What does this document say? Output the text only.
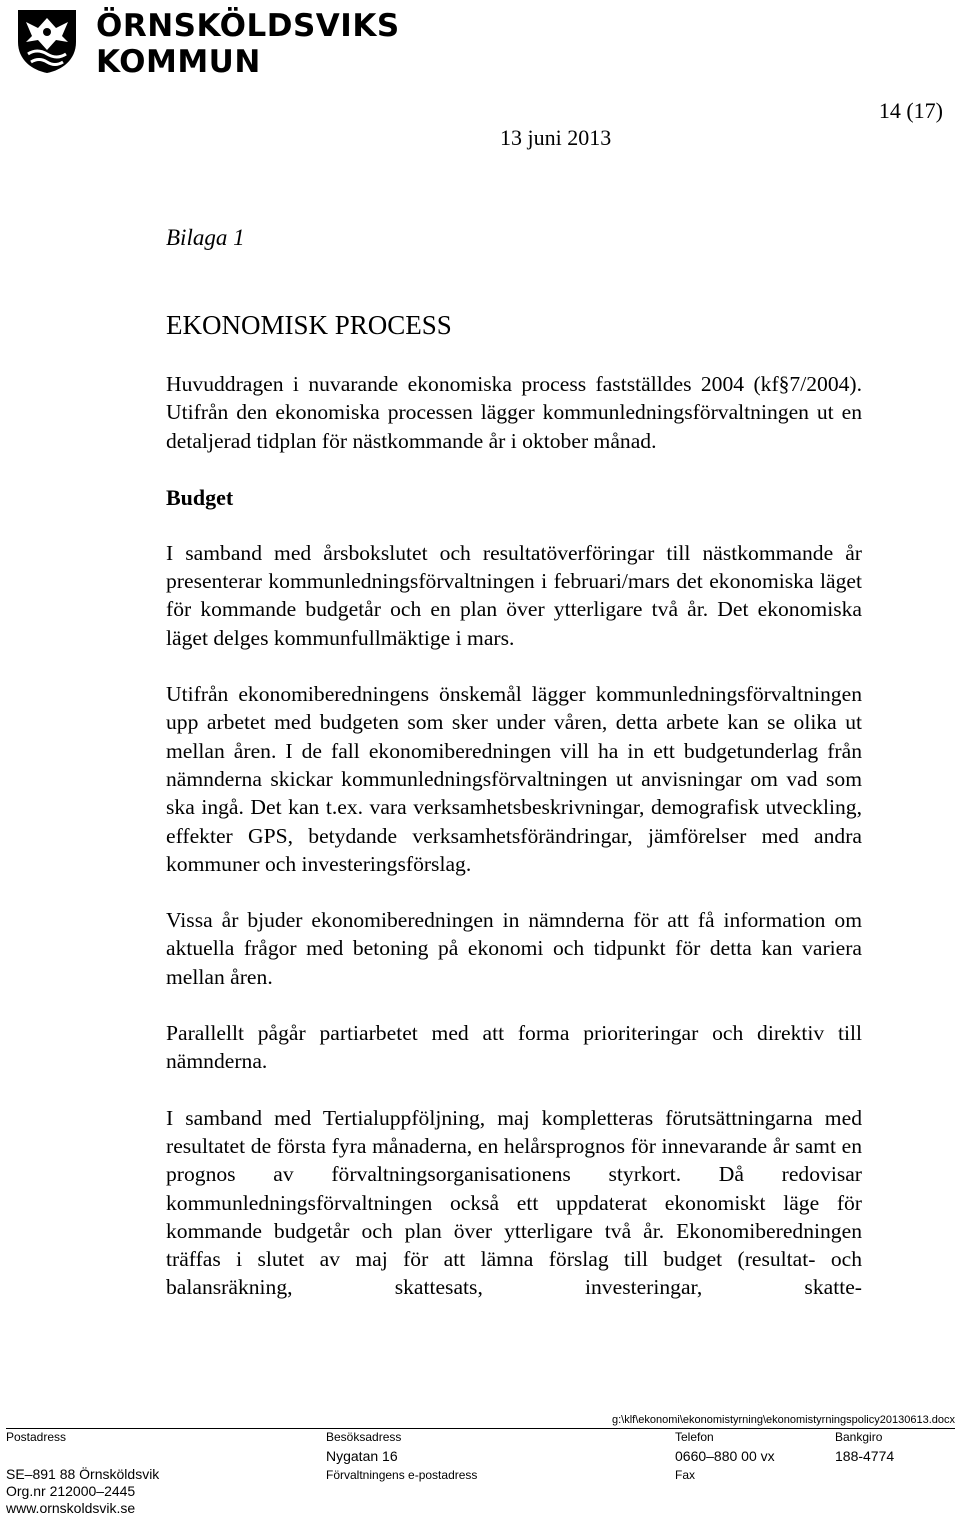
ÖRNSKÖLDSVIKS
KOMMUN
14 (17)
13 juni 2013
Bilaga 1
EKONOMISK PROCESS

Huvuddragen i nuvarande ekonomiska process fastställdes 2004 (kf§7/2004). Utifrån den ekonomiska processen lägger kommunledningsförvaltningen ut en detaljerad tidplan för nästkommande år i oktober månad.

Budget

I samband med årsbokslutet och resultatöverföringar till nästkommande år presenterar kommunledningsförvaltningen i februari/mars det ekonomiska läget för kommande budgetår och en plan över ytterligare två år. Det ekonomiska läget delges kommunfullmäktige i mars.

Utifrån ekonomiberedningens önskemål lägger kommunledningsförvaltningen upp arbetet med budgeten som sker under våren, detta arbete kan se olika ut mellan åren. I de fall ekonomiberedningen vill ha in ett budgetunderlag från nämnderna skickar kommunledningsförvaltningen ut anvisningar om vad som ska ingå. Det kan t.ex. vara verksamhetsbeskrivningar, demografisk utveckling, effekter GPS, betydande verksamhetsförändringar, jämförelser med andra kommuner och investeringsförslag.

Vissa år bjuder ekonomiberedningen in nämnderna för att få information om aktuella frågor med betoning på ekonomi och tidpunkt för detta kan variera mellan åren.

Parallellt pågår partiarbetet med att forma prioriteringar och direktiv till nämnderna.

I samband med Tertialuppföljning, maj kompletteras förutsättningarna med resultatet de första fyra månaderna, en helårsprognos för innevarande år samt en prognos av förvaltningsorganisationens styrkort. Då redovisar kommunledningsförvaltningen också ett uppdaterat ekonomiskt läge för kommande budgetår och plan över ytterligare två år. Ekonomiberedningen träffas i slutet av maj för att lämna förslag till budget (resultat- och balansräkning, skattesats, investeringar, skatte-

g:\klf\ekonomi\ekonomistyrning\ekonomistyrningspolicy20130613.docx
Postadress
SE–891 88 Örnsköldsvik
Org.nr 212000–2445
www.ornskoldsvik.se
Besöksadress
Nygatan 16
Förvaltningens e-postadress
Telefon
0660–880 00 vx
Fax
Bankgiro
188-4774
